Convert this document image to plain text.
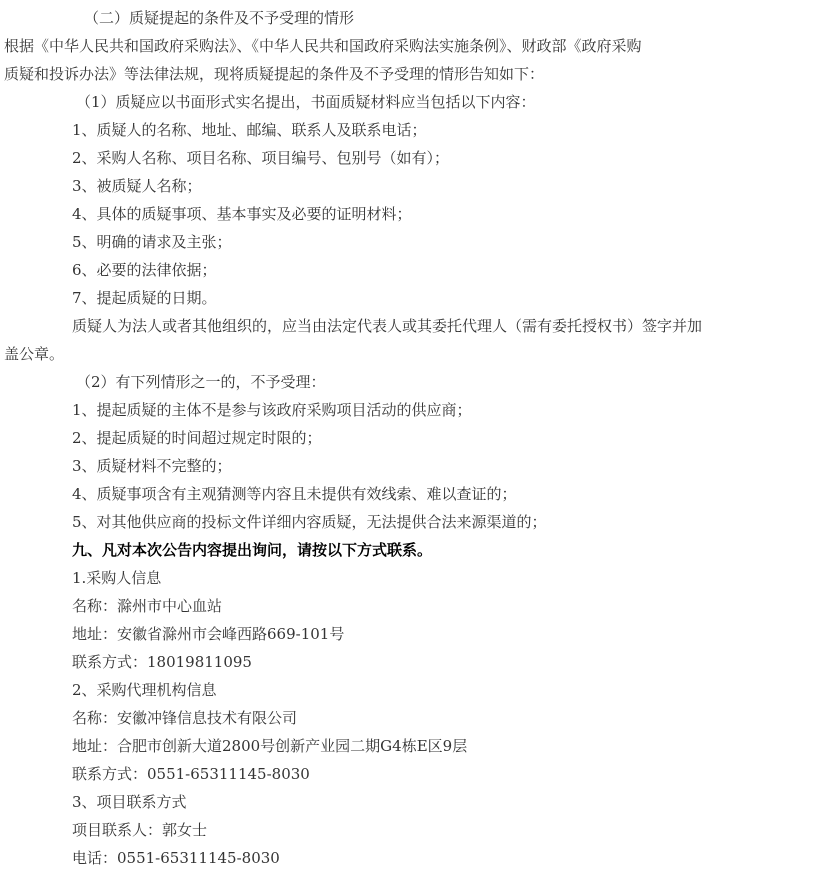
（二）质疑提起的条件及不予受理的情形
根据《中华人民共和国政府采购法》、《中华人民共和国政府采购法实施条例》、财政部《政府采购
质疑和投诉办法》等法律法规，现将质疑提起的条件及不予受理的情形告知如下：
（1）质疑应以书面形式实名提出，书面质疑材料应当包括以下内容：
1、质疑人的名称、地址、邮编、联系人及联系电话；
2、采购人名称、项目名称、项目编号、包别号（如有）；
3、被质疑人名称；
4、具体的质疑事项、基本事实及必要的证明材料；
5、明确的请求及主张；
6、必要的法律依据；
7、提起质疑的日期。
质疑人为法人或者其他组织的，应当由法定代表人或其委托代理人（需有委托授权书）签字并加
盖公章。
（2）有下列情形之一的，不予受理：
1、提起质疑的主体不是参与该政府采购项目活动的供应商；
2、提起质疑的时间超过规定时限的；
3、质疑材料不完整的；
4、质疑事项含有主观猜测等内容且未提供有效线索、难以查证的；
5、对其他供应商的投标文件详细内容质疑，无法提供合法来源渠道的；
九、凡对本次公告内容提出询问，请按以下方式联系。
1.采购人信息
名称：滁州市中心血站
地址：安徽省滁州市会峰西路669-101号
联系方式：18019811095
2、采购代理机构信息
名称：安徽冲锋信息技术有限公司
地址：合肥市创新大道2800号创新产业园二期G4栋E区9层
联系方式：0551-65311145-8030
3、项目联系方式
项目联系人：郭女士
电话：0551-65311145-8030
